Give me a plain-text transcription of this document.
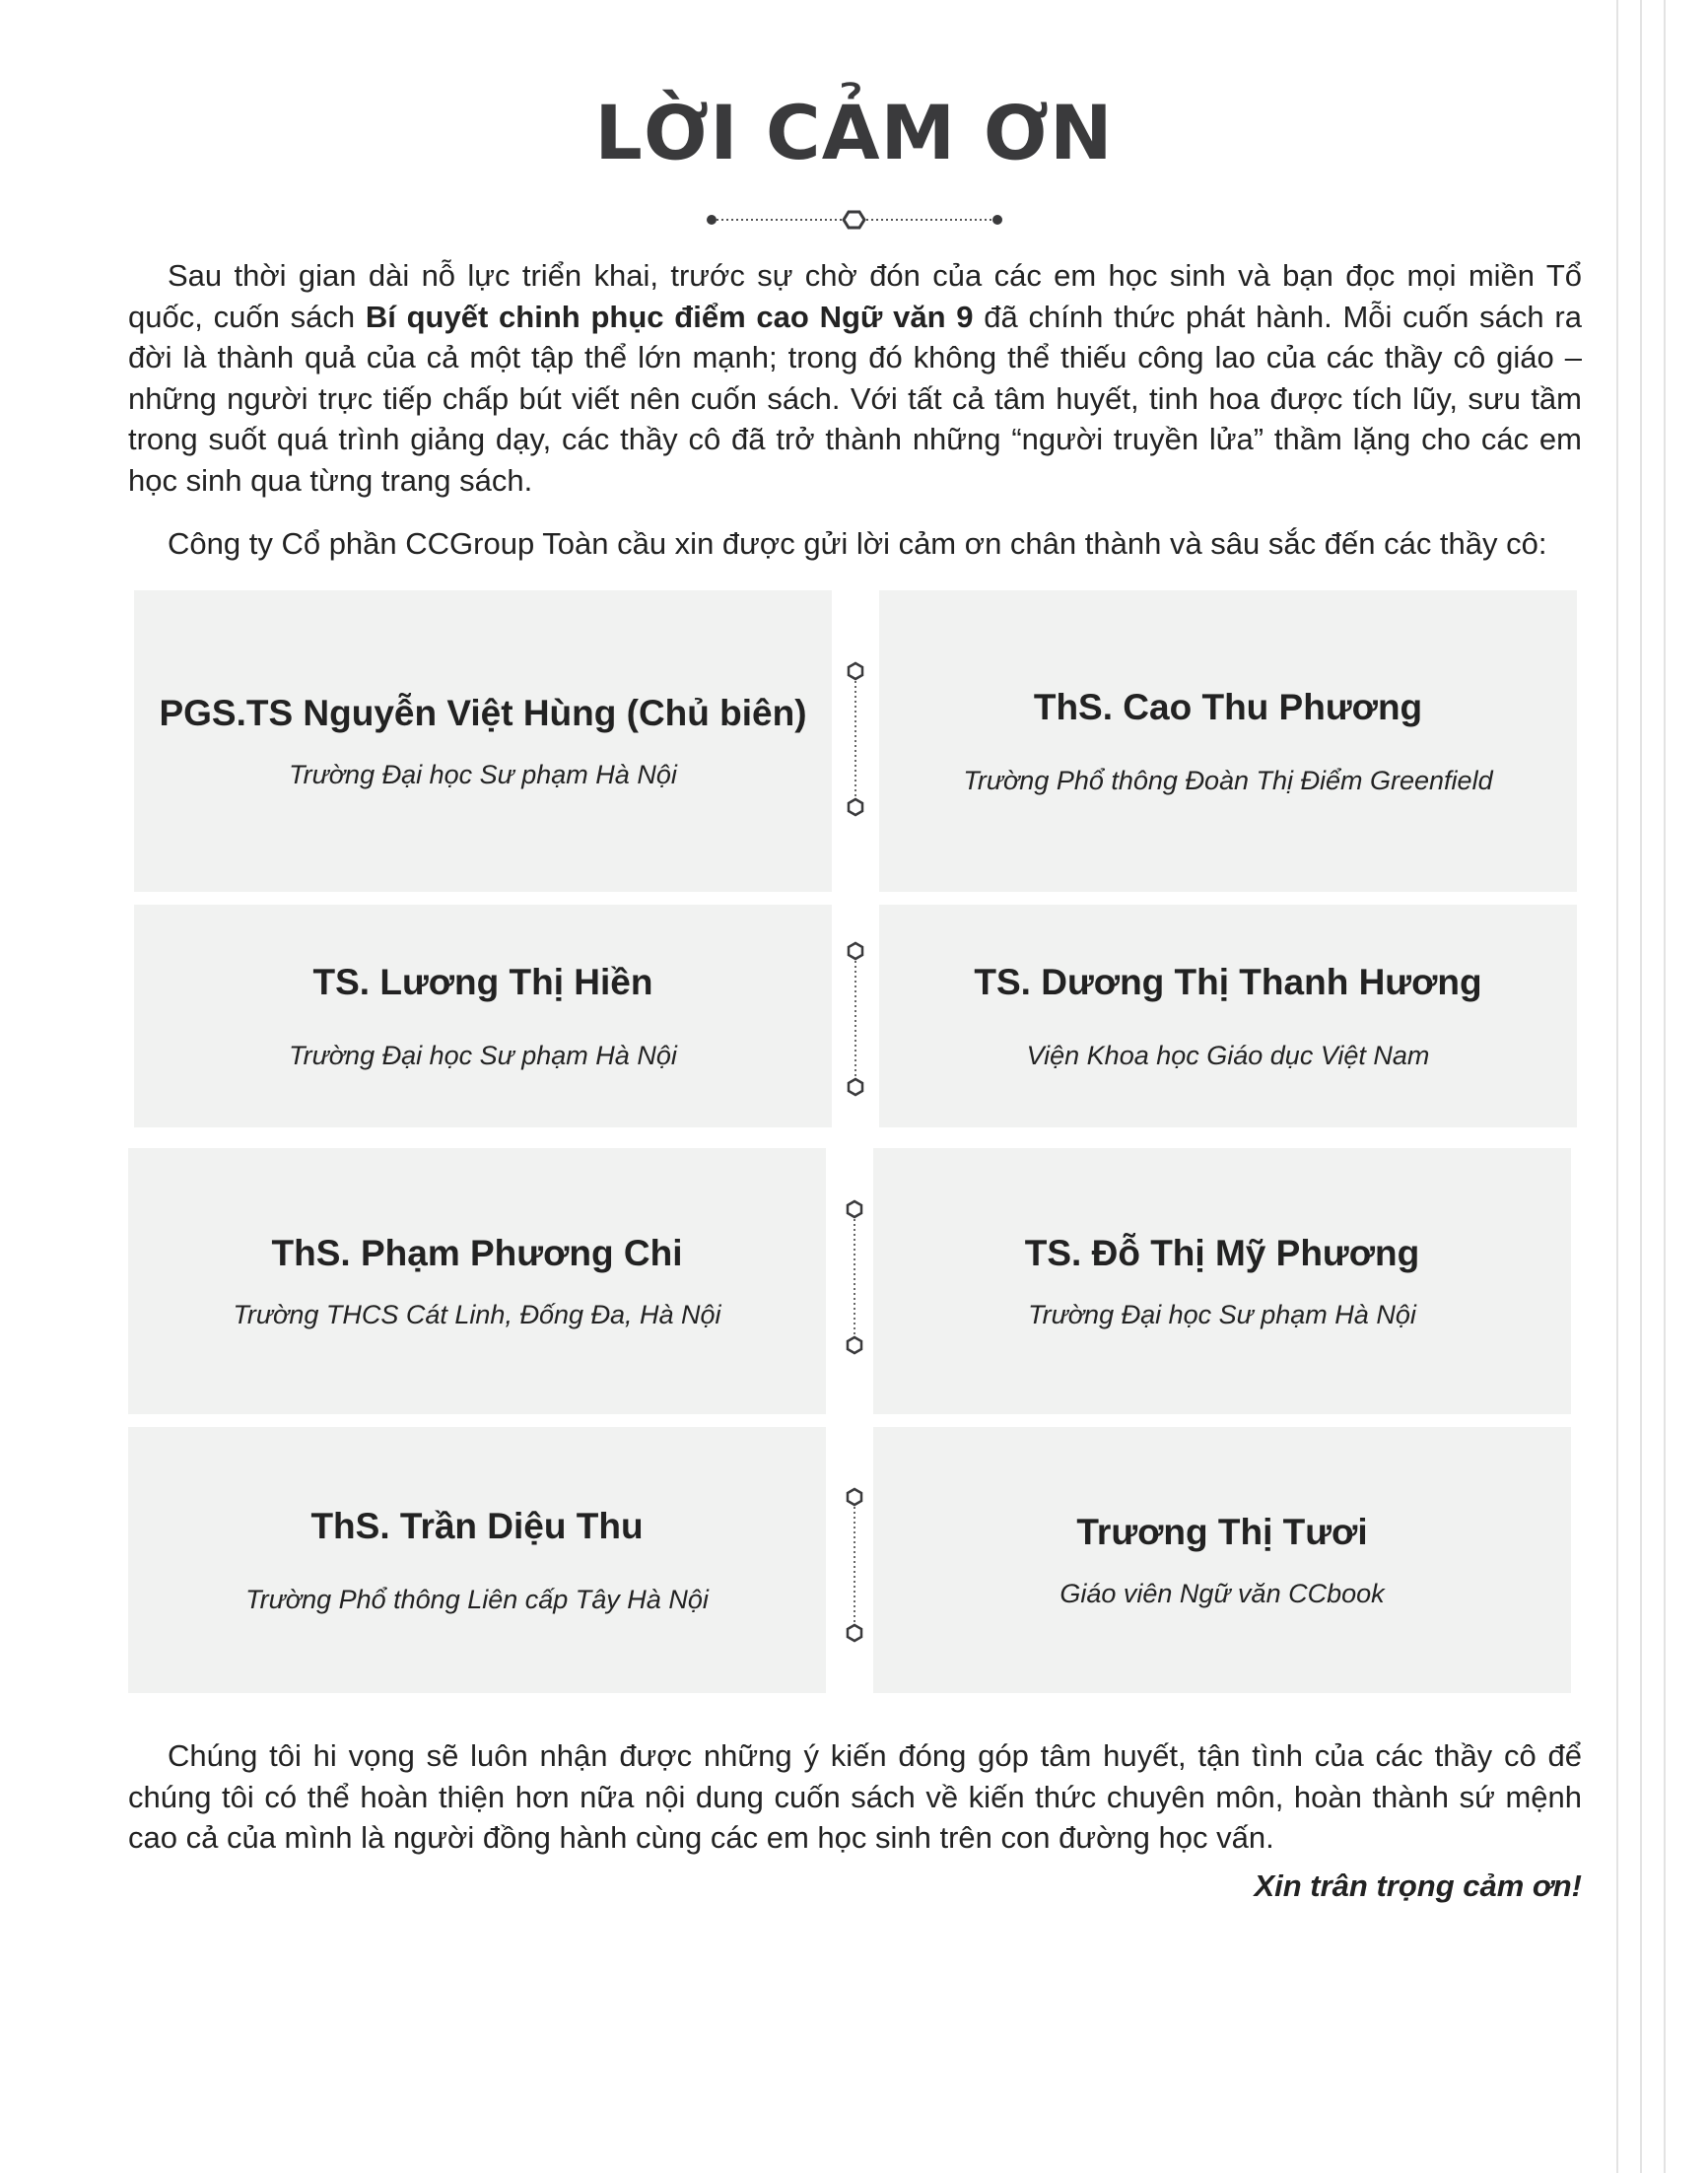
LỜI CẢM ƠN

Sau thời gian dài nỗ lực triển khai, trước sự chờ đón của các em học sinh và bạn đọc mọi miền Tổ quốc, cuốn sách Bí quyết chinh phục điểm cao Ngữ văn 9 đã chính thức phát hành. Mỗi cuốn sách ra đời là thành quả của cả một tập thể lớn mạnh; trong đó không thể thiếu công lao của các thầy cô giáo – những người trực tiếp chấp bút viết nên cuốn sách. Với tất cả tâm huyết, tinh hoa được tích lũy, sưu tầm trong suốt quá trình giảng dạy, các thầy cô đã trở thành những “người truyền lửa” thầm lặng cho các em học sinh qua từng trang sách.

Công ty Cổ phần CCGroup Toàn cầu xin được gửi lời cảm ơn chân thành và sâu sắc đến các thầy cô:

PGS.TS Nguyễn Việt Hùng (Chủ biên)
Trường Đại học Sư phạm Hà Nội
ThS. Cao Thu Phương
Trường Phổ thông Đoàn Thị Điểm Greenfield
TS. Lương Thị Hiền
Trường Đại học Sư phạm Hà Nội
TS. Dương Thị Thanh Hương
Viện Khoa học Giáo dục Việt Nam
ThS. Phạm Phương Chi
Trường THCS Cát Linh, Đống Đa, Hà Nội
TS. Đỗ Thị Mỹ Phương
Trường Đại học Sư phạm Hà Nội
ThS. Trần Diệu Thu
Trường Phổ thông Liên cấp Tây Hà Nội
Trương Thị Tươi
Giáo viên Ngữ văn CCbook

Chúng tôi hi vọng sẽ luôn nhận được những ý kiến đóng góp tâm huyết, tận tình của các thầy cô để chúng tôi có thể hoàn thiện hơn nữa nội dung cuốn sách về kiến thức chuyên môn, hoàn thành sứ mệnh cao cả của mình là người đồng hành cùng các em học sinh trên con đường học vấn.

Xin trân trọng cảm ơn!
